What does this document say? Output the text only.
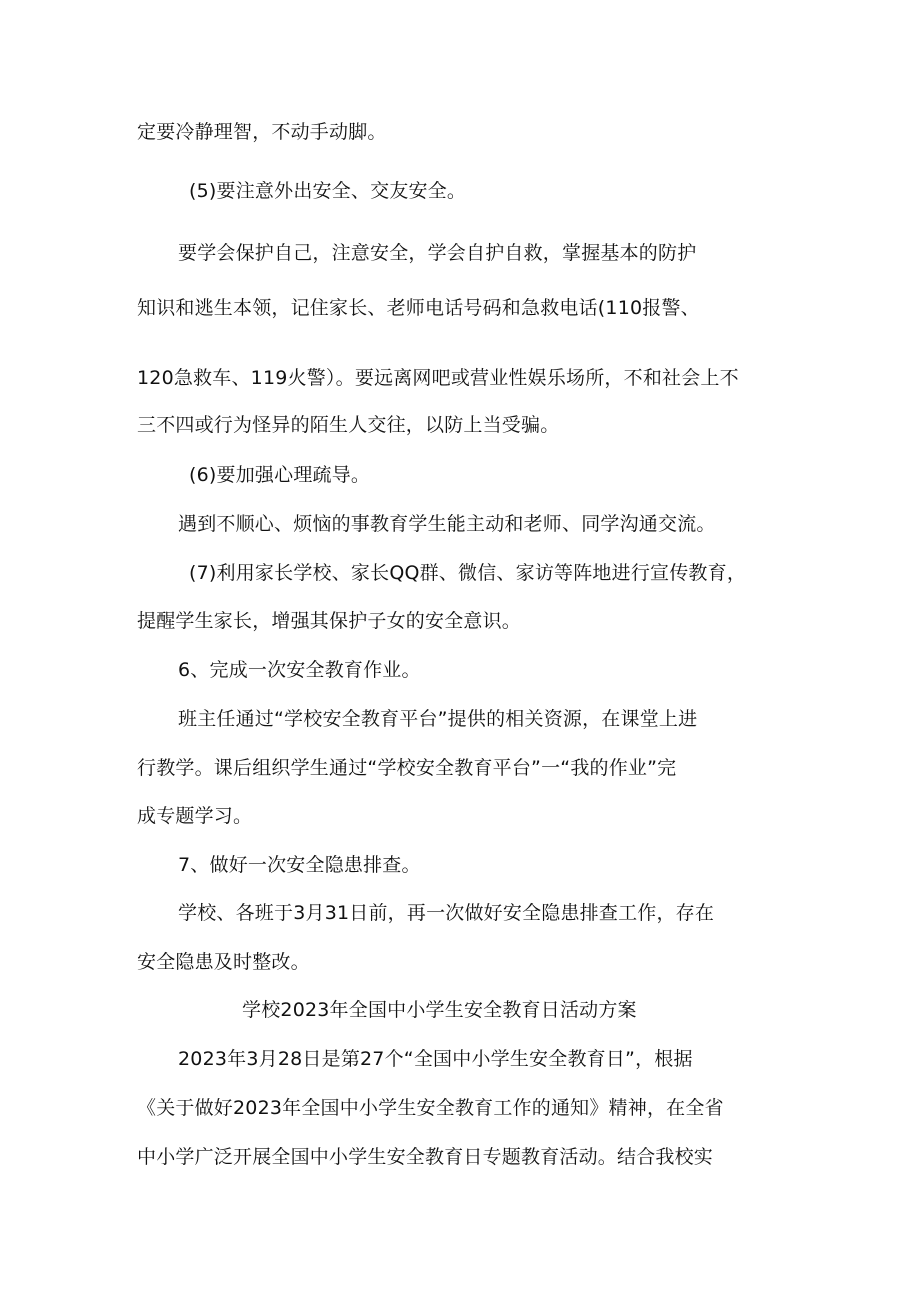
定要冷静理智，不动手动脚。

(5)要注意外出安全、交友安全。

要学会保护自己，注意安全，学会自护自救，掌握基本的防护

知识和逃生本领，记住家长、老师电话号码和急救电话(110报警、

120急救车、119火警）。要远离网吧或营业性娱乐场所，不和社会上不

三不四或行为怪异的陌生人交往，以防上当受骗。

(6)要加强心理疏导。

遇到不顺心、烦恼的事教育学生能主动和老师、同学沟通交流。

(7)利用家长学校、家长QQ群、微信、家访等阵地进行宣传教育，

提醒学生家长，增强其保护子女的安全意识。

6、完成一次安全教育作业。

班主任通过“学校安全教育平台”提供的相关资源，在课堂上进

行教学。课后组织学生通过“学校安全教育平台”一“我的作业”完

成专题学习。

7、做好一次安全隐患排查。

学校、各班于3月31日前，再一次做好安全隐患排查工作，存在

安全隐患及时整改。

学校2023年全国中小学生安全教育日活动方案

2023年3月28日是第27个“全国中小学生安全教育日”，根据

《关于做好2023年全国中小学生安全教育工作的通知》精神，在全省

中小学广泛开展全国中小学生安全教育日专题教育活动。结合我校实
